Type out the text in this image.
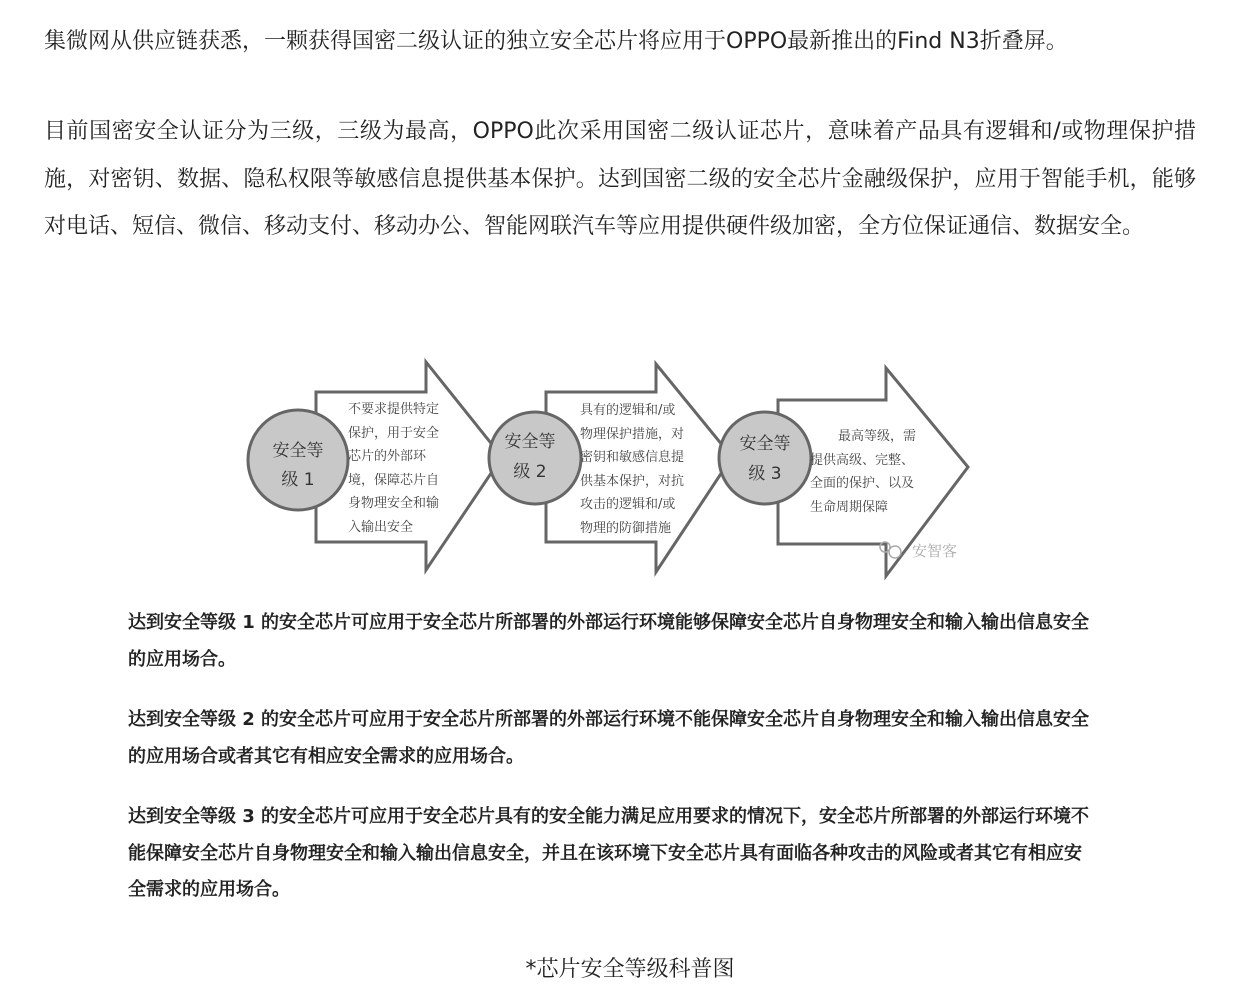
集微网从供应链获悉，一颗获得国密二级认证的独立安全芯片将应用于OPPO最新推出的Find N3折叠屏。

目前国密安全认证分为三级，三级为最高，OPPO此次采用国密二级认证芯片，意味着产品具有逻辑和/或物理保护措施，对密钥、数据、隐私权限等敏感信息提供基本保护。达到国密二级的安全芯片金融级保护，应用于智能手机，能够对电话、短信、微信、移动支付、移动办公、智能网联汽车等应用提供硬件级加密，全方位保证通信、数据安全。

安全等
级 1
安全等
级 2
安全等
级 3
不要求提供特定
保护，用于安全
芯片的外部环
境，保障芯片自
身物理安全和输
入输出安全
具有的逻辑和/或
物理保护措施，对
密钥和敏感信息提
供基本保护，对抗
攻击的逻辑和/或
物理的防御措施
最高等级，需
提供高级、完整、
全面的保护、以及
生命周期保障
安智客

达到安全等级 1 的安全芯片可应用于安全芯片所部署的外部运行环境能够保障安全芯片自身物理安全和输入输出信息安全的应用场合。

达到安全等级 2 的安全芯片可应用于安全芯片所部署的外部运行环境不能保障安全芯片自身物理安全和输入输出信息安全的应用场合或者其它有相应安全需求的应用场合。

达到安全等级 3 的安全芯片可应用于安全芯片具有的安全能力满足应用要求的情况下，安全芯片所部署的外部运行环境不能保障安全芯片自身物理安全和输入输出信息安全，并且在该环境下安全芯片具有面临各种攻击的风险或者其它有相应安全需求的应用场合。

*芯片安全等级科普图
